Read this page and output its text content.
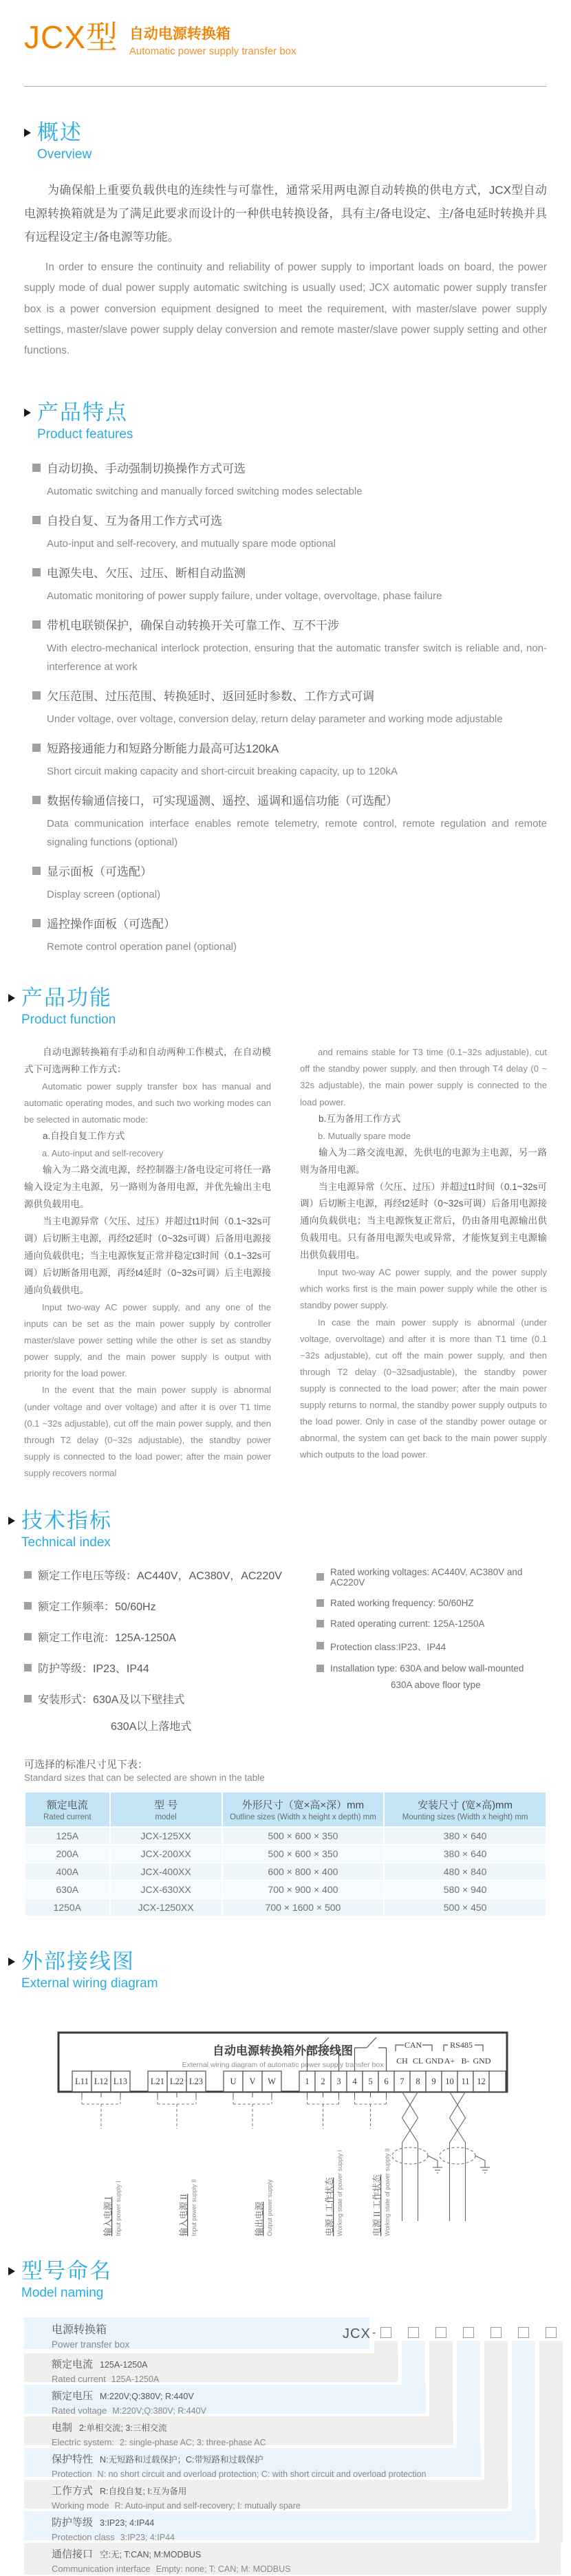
JCX型 自动电源转换箱
Automatic power supply transfer box
概述
Overview

为确保船上重要负载供电的连续性与可靠性，通常采用两电源自动转换的供电方式，JCX型自动电源转换箱就是为了满足此要求而设计的一种供电转换设备，具有主/备电设定、主/备电延时转换并具有远程设定主/备电源等功能。

In order to ensure the continuity and reliability of power supply to important loads on board, the power supply mode of dual power supply automatic switching is usually used; JCX automatic power supply transfer box is a power conversion equipment designed to meet the requirement, with master/slave power supply settings, master/slave power supply delay conversion and remote master/slave power supply setting and other functions.

产品特点
Product features
自动切换、手动强制切换操作方式可选

Automatic switching and manually forced switching modes selectable

自投自复、互为备用工作方式可选

Auto-input and self-recovery, and mutually spare mode optional

电源失电、欠压、过压、断相自动监测

Automatic monitoring of power supply failure, under voltage, overvoltage, phase failure

带机电联锁保护，确保自动转换开关可靠工作、互不干涉

With electro-mechanical interlock protection, ensuring that the automatic transfer switch is reliable and, non-interference at work

欠压范围、过压范围、转换延时、返回延时参数、工作方式可调

Under voltage, over voltage, conversion delay, return delay parameter and working mode adjustable

短路接通能力和短路分断能力最高可达120kA

Short circuit making capacity and short-circuit breaking capacity, up to 120kA

数据传输通信接口，可实现遥测、遥控、遥调和遥信功能（可选配）

Data communication interface enables remote telemetry, remote control, remote regulation and remote signaling functions (optional)

显示面板（可选配）

Display screen (optional)

遥控操作面板（可选配）

Remote control operation panel (optional)

产品功能
Product function

自动电源转换箱有手动和自动两种工作模式，在自动模式下可选两种工作方式：

Automatic power supply transfer box has manual and automatic operating modes, and such two working modes can be selected in automatic mode:

a.自投自复工作方式

a. Auto-input and self-recovery

输入为二路交流电源，经控制器主/备电设定可将任一路输入设定为主电源，另一路则为备用电源，并优先输出主电源供负载用电。

当主电源异常（欠压、过压）并超过t1时间（0.1~32s可调）后切断主电源，再经t2延时（0~32s可调）后备用电源接通向负载供电；当主电源恢复正常并稳定t3时间（0.1~32s可调）后切断备用电源，再经t4延时（0~32s可调）后主电源接通向负载供电。

Input two-way AC power supply, and any one of the inputs can be set as the main power supply by controller master/slave power setting while the other is set as standby power supply, and the main power supply is output with priority for the load power.

In the event that the main power supply is abnormal (under voltage and over voltage) and after it is over T1 time (0.1 ~32s adjustable), cut off the main power supply, and then through T2 delay (0~32s adjustable), the standby power supply is connected to the load power; after the main power supply recovers normal

and remains stable for T3 time (0.1~32s adjustable), cut off the standby power supply, and then through T4 delay (0 ~ 32s adjustable), the main power supply is connected to the load power.

b.互为备用工作方式

b. Mutually spare mode

输入为二路交流电源，先供电的电源为主电源，另一路则为备用电源。

当主电源异常（欠压、过压）并超过t1时间（0.1~32s可调）后切断主电源，再经t2延时（0~32s可调）后备用电源接通向负载供电；当主电源恢复正常后，仍由备用电源输出供负载用电。只有备用电源失电或异常，才能恢复到主电源输出供负载用电。

Input two-way AC power supply, and the power supply which works first is the main power supply while the other is standby power supply.

In case the main power supply is abnormal (under voltage, overvoltage) and after it is more than T1 time (0.1 ~32s adjustable), cut off the main power supply, and then through T2 delay (0~32sadjustable), the standby power supply is connected to the load power; after the main power supply returns to normal, the standby power supply outputs to the load power. Only in case of the standby power outage or abnormal, the system can get back to the main power supply which outputs to the load power.

技术指标
Technical index
额定工作电压等级：AC440V，AC380V，AC220V
额定工作频率：50/60Hz
额定工作电流：125A-1250A
防护等级：IP23、IP44
安装形式：630A及以下壁挂式
630A以上落地式
Rated working voltages: AC440V, AC380V and AC220V
Rated working frequency: 50/60HZ
Rated operating current: 125A-1250A
Protection class:IP23、IP44
Installation type: 630A and below wall-mounted
630A above floor type
可选择的标准尺寸见下表：
Standard sizes that can be selected are shown in the table
额定电流
Rated current	型 号
model	外形尺寸（宽×高×深）mm
Outline sizes (Width x height x depth) mm	安装尺寸 (宽×高)mm
Mounting sizes (Width x height) mm

125A	JCX-125XX	500 × 600 × 350	380 × 640
200A	JCX-200XX	500 × 600 × 350	380 × 640
400A	JCX-400XX	600 × 800 × 400	480 × 840
630A	JCX-630XX	700 × 900 × 400	580 × 940
1250A	JCX-1250XX	700 × 1600 × 500	500 × 450
外部接线图
External wiring diagram
自动电源转换箱外部接线图
External wiring diagram of automatic power supply transfer box
CAN	RS485
CH CL GND A+ B- GND
L11 L12 L13	L21 L22 L23	U V W	1 2 3 4 5 6 7 8 9 10 11 12
输入电源 I Input power supply I	输入电源 II Input power supply II	输出电源 Output power supply	电源 I 工作状态 Working state of power supply I	电源 II 工作状态 Working state of power supply II
型号命名
Model naming
电源转换箱
Power transfer box
额定电流 125A-1250A
Rated current 125A-1250A
额定电压 M:220V;Q:380V; R:440V
Rated voltage M:220V;Q:380V; R:440V
电制 2:单相交流; 3:三相交流
Electric system: 2: single-phase AC; 3: three-phase AC
保护特性 N:无短路和过载保护；C:带短路和过载保护
Protection N: no short circuit and overload protection; C: with short circuit and overload protection
工作方式 R:自投自复; I:互为备用
Working mode R: Auto-input and self-recovery; I: mutually spare
防护等级 3:IP23; 4:IP44
Protection class 3:IP23; 4:IP44
通信接口 空:无; T:CAN; M:MODBUS
Communication interface Empty: none; T: CAN; M: MODBUS
JCX -
